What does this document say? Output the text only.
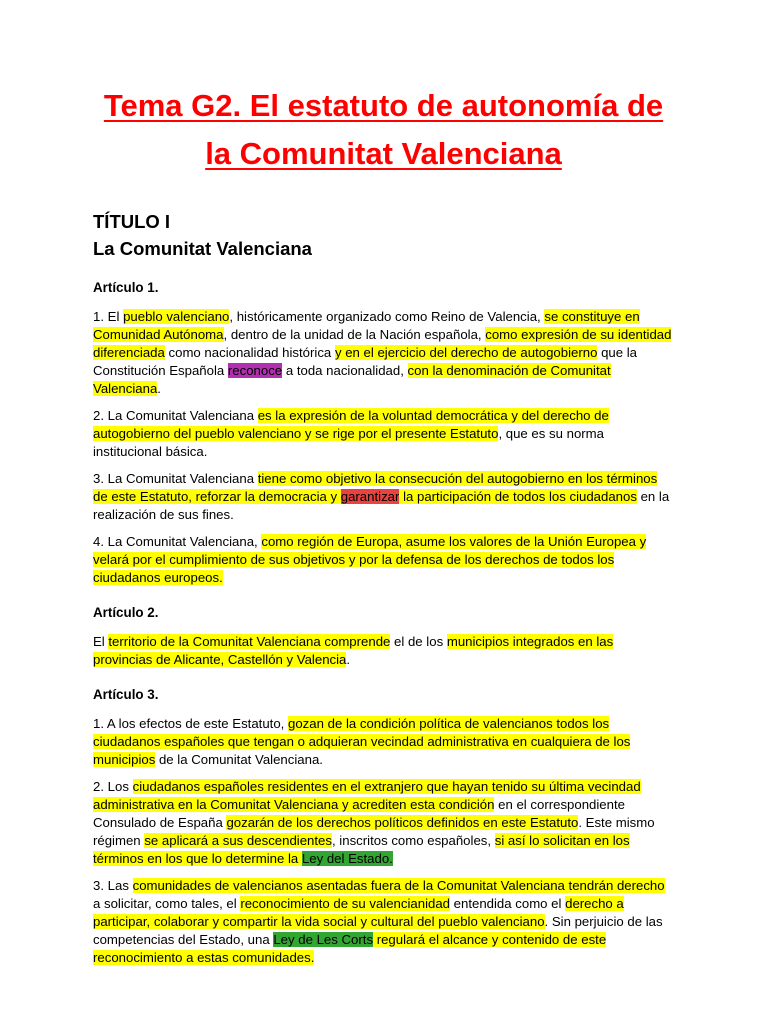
Tema G2. El estatuto de autonomía de la Comunitat Valenciana
TÍTULO I
La Comunitat Valenciana
Artículo 1.

1. El pueblo valenciano, históricamente organizado como Reino de Valencia, se constituye en Comunidad Autónoma, dentro de la unidad de la Nación española, como expresión de su identidad diferenciada como nacionalidad histórica y en el ejercicio del derecho de autogobierno que la Constitución Española reconoce a toda nacionalidad, con la denominación de Comunitat Valenciana.

2. La Comunitat Valenciana es la expresión de la voluntad democrática y del derecho de autogobierno del pueblo valenciano y se rige por el presente Estatuto, que es su norma institucional básica.

3. La Comunitat Valenciana tiene como objetivo la consecución del autogobierno en los términos de este Estatuto, reforzar la democracia y garantizar la participación de todos los ciudadanos en la realización de sus fines.

4. La Comunitat Valenciana, como región de Europa, asume los valores de la Unión Europea y velará por el cumplimiento de sus objetivos y por la defensa de los derechos de todos los ciudadanos europeos.

Artículo 2.

El territorio de la Comunitat Valenciana comprende el de los municipios integrados en las provincias de Alicante, Castellón y Valencia.

Artículo 3.

1. A los efectos de este Estatuto, gozan de la condición política de valencianos todos los ciudadanos españoles que tengan o adquieran vecindad administrativa en cualquiera de los municipios de la Comunitat Valenciana.

2. Los ciudadanos españoles residentes en el extranjero que hayan tenido su última vecindad administrativa en la Comunitat Valenciana y acrediten esta condición en el correspondiente Consulado de España gozarán de los derechos políticos definidos en este Estatuto. Este mismo régimen se aplicará a sus descendientes, inscritos como españoles, si así lo solicitan en los términos en los que lo determine la Ley del Estado.

3. Las comunidades de valencianos asentadas fuera de la Comunitat Valenciana tendrán derecho a solicitar, como tales, el reconocimiento de su valencianidad entendida como el derecho a participar, colaborar y compartir la vida social y cultural del pueblo valenciano. Sin perjuicio de las competencias del Estado, una Ley de Les Corts regulará el alcance y contenido de este reconocimiento a estas comunidades.
